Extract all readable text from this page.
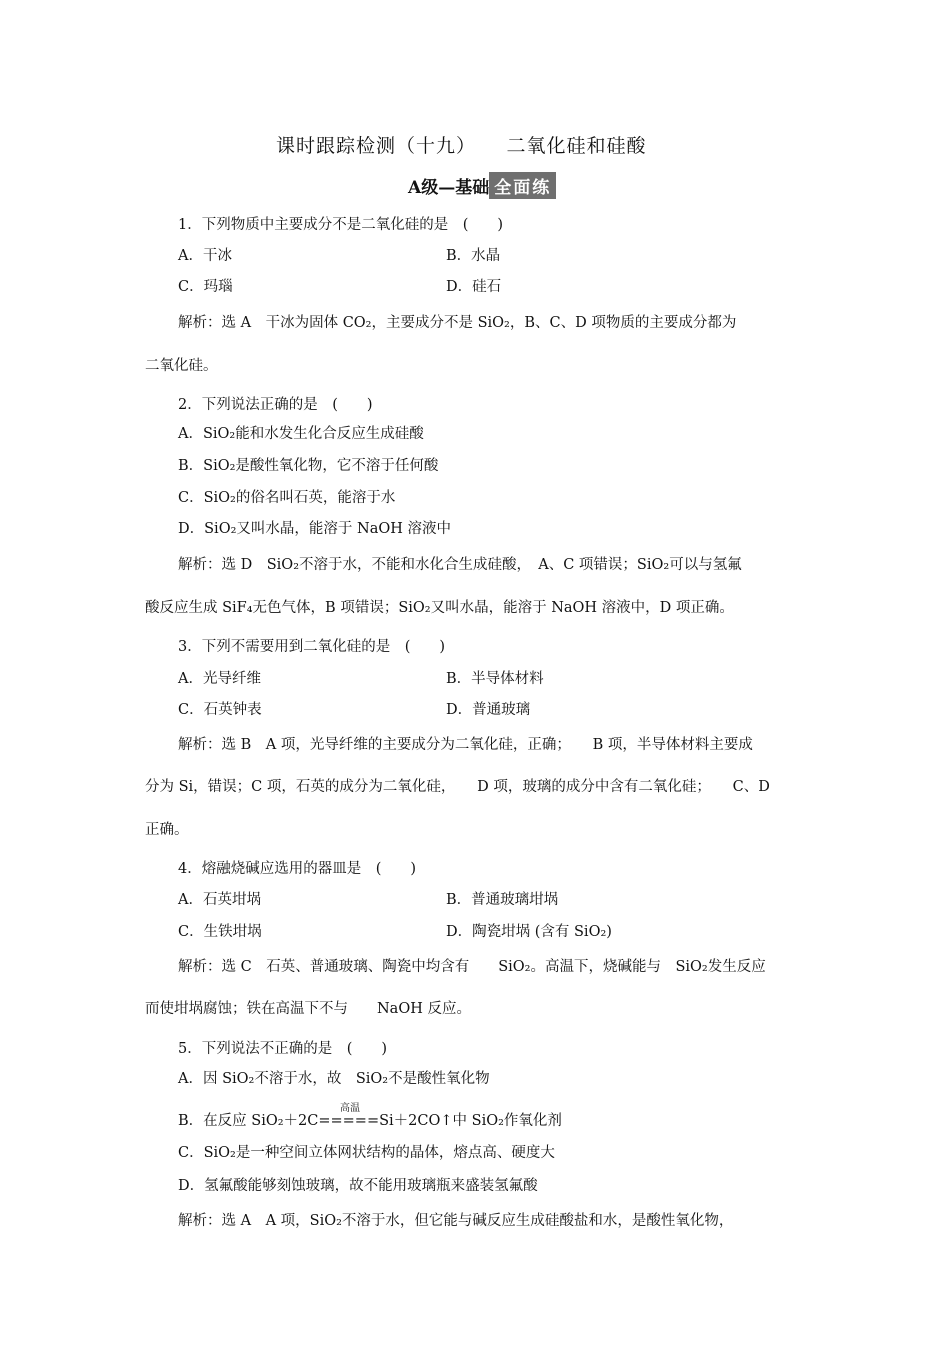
课时跟踪检测（十九）　　二氧化硅和硅酸
A级—基础 全面练
1．下列物质中主要成分不是二氧化硅的是　(　　)
A．干冰	B．水晶
C．玛瑙	D．硅石
解析：选 A　干冰为固体 CO₂，主要成分不是 SiO₂，B、C、D 项物质的主要成分都为
二氧化硅。
2．下列说法正确的是　(　　)
A．SiO₂能和水发生化合反应生成硅酸
B．SiO₂是酸性氧化物，它不溶于任何酸
C．SiO₂的俗名叫石英，能溶于水
D．SiO₂又叫水晶，能溶于 NaOH 溶液中
解析：选 D　SiO₂不溶于水，不能和水化合生成硅酸，　A、C 项错误；SiO₂可以与氢氟
酸反应生成 SiF₄无色气体，B 项错误；SiO₂又叫水晶，能溶于 NaOH 溶液中，D 项正确。
3．下列不需要用到二氧化硅的是　(　　)
A．光导纤维	B．半导体材料
C．石英钟表	D．普通玻璃
解析：选 B　A 项，光导纤维的主要成分为二氧化硅，正确；　　B 项，半导体材料主要成
分为 Si，错误；C 项，石英的成分为二氧化硅，　　D 项，玻璃的成分中含有二氧化硅；　　C、D
正确。
4．熔融烧碱应选用的器皿是　(　　)
A．石英坩埚	B．普通玻璃坩埚
C．生铁坩埚	D．陶瓷坩埚 (含有 SiO₂)
解析：选 C　石英、普通玻璃、陶瓷中均含有　　SiO₂。高温下，烧碱能与　SiO₂发生反应
而使坩埚腐蚀；铁在高温下不与　　NaOH 反应。
5．下列说法不正确的是　(　　)
A．因 SiO₂不溶于水，故　SiO₂不是酸性氧化物
高温
B．在反应 SiO₂＋2C=====Si＋2CO↑中 SiO₂作氧化剂
C．SiO₂是一种空间立体网状结构的晶体，熔点高、硬度大
D．氢氟酸能够刻蚀玻璃，故不能用玻璃瓶来盛装氢氟酸
解析：选 A　A 项，SiO₂不溶于水，但它能与碱反应生成硅酸盐和水，是酸性氧化物，
